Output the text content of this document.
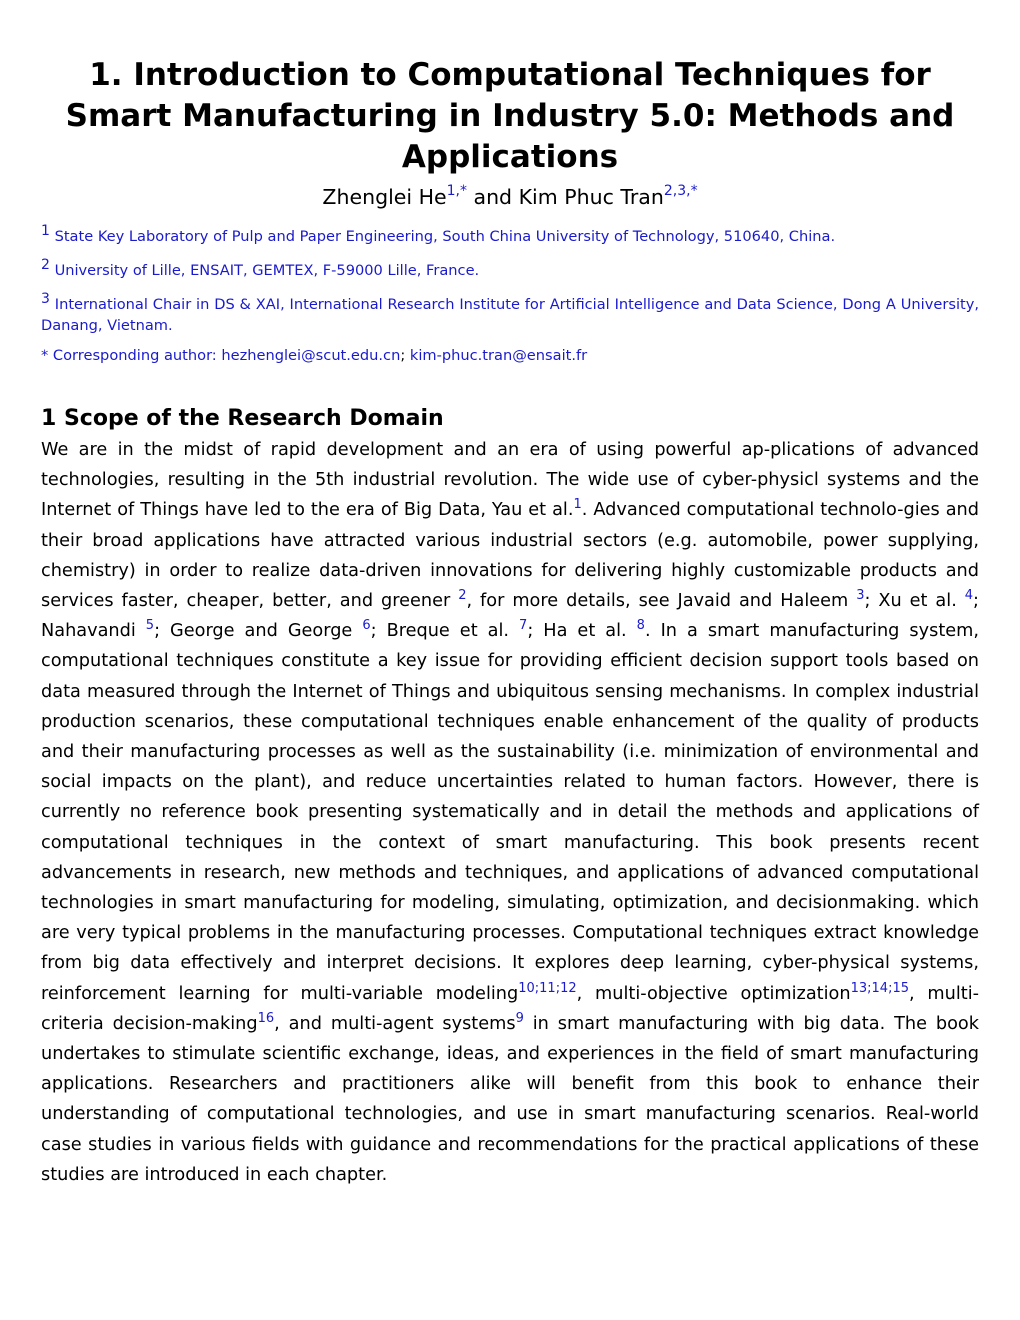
1. Introduction to Computational Techniques for Smart Manufacturing in Industry 5.0: Methods and Applications
Zhenglei $He^{1,*}$ and Kim Phuc Tran$^{2,3,*}$
$^1$ State Key Laboratory of Pulp and Paper Engineering, South China University of Technology, 510640, China.
$^2$ University of Lille, ENSAIT, GEMTEX, F-59000 Lille, France.
$^3$ International Chair in DS & XAI, International Research Institute for Artificial Intelligence and Data Science, Dong A University, Danang, Vietnam.
* Corresponding author: hezhenglei@scut.edu.cn; kim-phuc.tran@ensait.fr
1 Scope of the Research Domain

We are in the midst of rapid development and an era of using powerful ap-plications of advanced technologies, resulting in the 5th industrial revolution. The wide use of cyber-physicl systems and the Internet of Things have led to the era of Big Data, Yau et al.$^1$. Advanced computational technolo-gies and their broad applications have attracted various industrial sectors (e.g. automobile, power supplying, chemistry) in order to realize data-driven innovations for delivering highly customizable products and services faster, cheaper, better, and greener $^2$, for more details, see Javaid and Haleem $^3$; Xu et al. $^4$; Nahavandi $^5$; George and George $^6$; Breque et al. $^7$; Ha et al. $^8$. In a smart manufacturing system, computational techniques constitute a key issue for providing efficient decision support tools based on data measured through the Internet of Things and ubiquitous sensing mechanisms. In complex industrial production scenarios, these computational techniques enable enhancement of the quality of products and their manufacturing processes as well as the sustainability (i.e. minimization of environmental and social impacts on the plant), and reduce uncertainties related to human factors. However, there is currently no reference book presenting systematically and in detail the methods and applications of computational techniques in the context of smart manufacturing. This book presents recent advancements in research, new methods and techniques, and applications of advanced computational technologies in smart manufacturing for modeling, simulating, optimization, and decisionmaking. which are very typical problems in the manufacturing processes. Computational techniques extract knowledge from big data effectively and interpret decisions. It explores deep learning, cyber-physical systems, reinforcement learning for multi-variable modeling$^{10;11;12}$, multi-objective optimization$^{13;14;15}$, multi-criteria decision-making$^{16}$, and multi-agent systems$^9$ in smart manufacturing with big data. The book undertakes to stimulate scientific exchange, ideas, and experiences in the field of smart manufacturing applications. Researchers and practitioners alike will benefit from this book to enhance their understanding of computational technologies, and use in smart manufacturing scenarios. Real-world case studies in various fields with guidance and recommendations for the practical applications of these studies are introduced in each chapter.
